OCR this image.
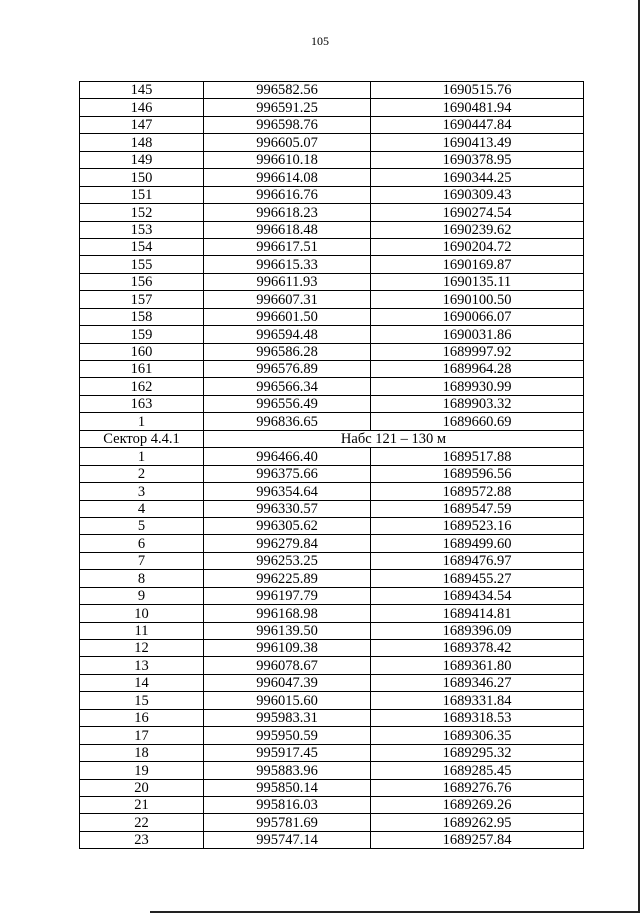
105
145	996582.56	1690515.76
146	996591.25	1690481.94
147	996598.76	1690447.84
148	996605.07	1690413.49
149	996610.18	1690378.95
150	996614.08	1690344.25
151	996616.76	1690309.43
152	996618.23	1690274.54
153	996618.48	1690239.62
154	996617.51	1690204.72
155	996615.33	1690169.87
156	996611.93	1690135.11
157	996607.31	1690100.50
158	996601.50	1690066.07
159	996594.48	1690031.86
160	996586.28	1689997.92
161	996576.89	1689964.28
162	996566.34	1689930.99
163	996556.49	1689903.32
1	996836.65	1689660.69
Сектор 4.4.1	Набс 121 – 130 м	
1	996466.40	1689517.88
2	996375.66	1689596.56
3	996354.64	1689572.88
4	996330.57	1689547.59
5	996305.62	1689523.16
6	996279.84	1689499.60
7	996253.25	1689476.97
8	996225.89	1689455.27
9	996197.79	1689434.54
10	996168.98	1689414.81
11	996139.50	1689396.09
12	996109.38	1689378.42
13	996078.67	1689361.80
14	996047.39	1689346.27
15	996015.60	1689331.84
16	995983.31	1689318.53
17	995950.59	1689306.35
18	995917.45	1689295.32
19	995883.96	1689285.45
20	995850.14	1689276.76
21	995816.03	1689269.26
22	995781.69	1689262.95
23	995747.14	1689257.84
